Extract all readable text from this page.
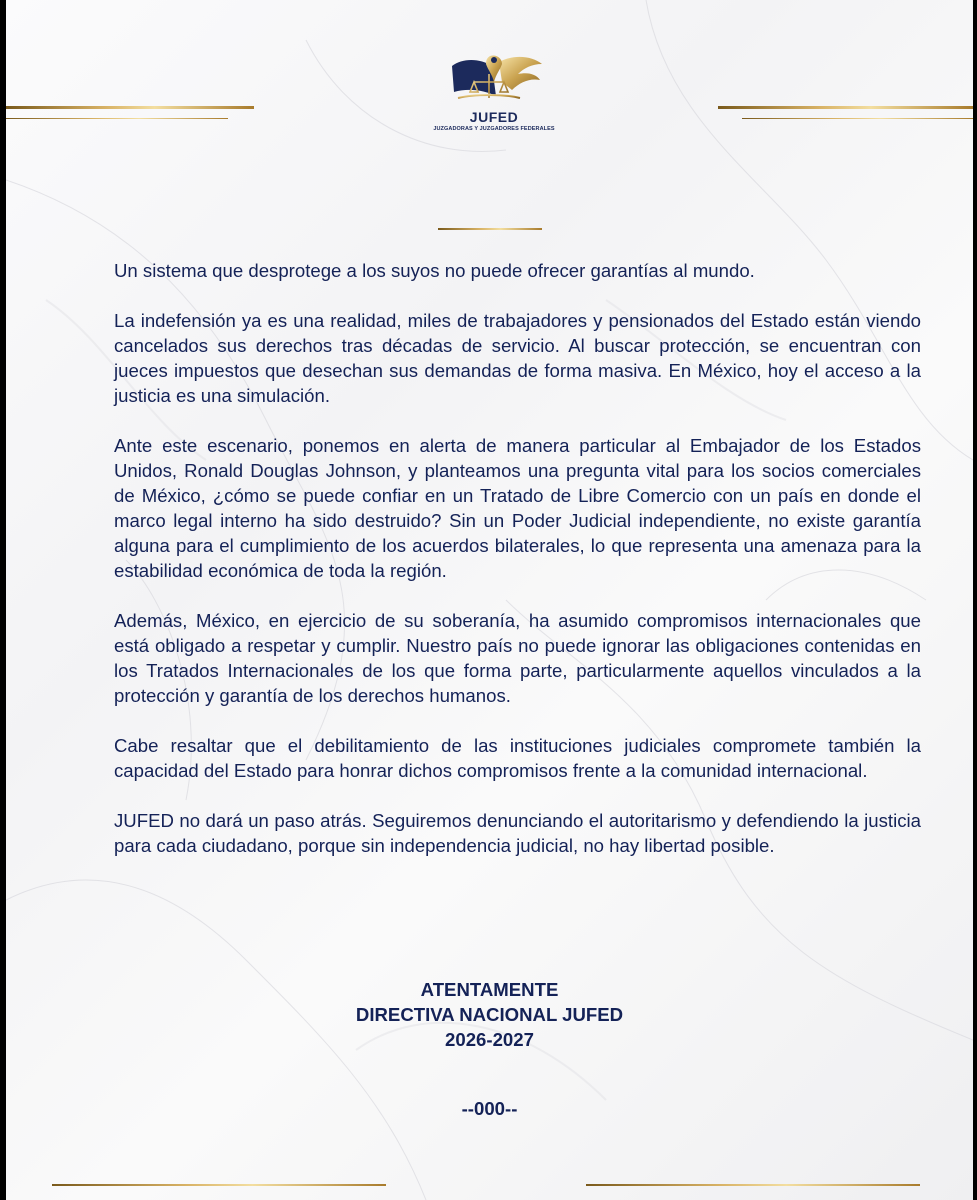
JUFED
JUZGADORAS Y JUZGADORES FEDERALES

Un sistema que desprotege a los suyos no puede ofrecer garantías al mundo.

La indefensión ya es una realidad, miles de trabajadores y pensionados del Estado están viendo cancelados sus derechos tras décadas de servicio. Al buscar protección, se encuentran con jueces impuestos que desechan sus demandas de forma masiva. En México, hoy el acceso a la justicia es una simulación.

Ante este escenario, ponemos en alerta de manera particular al Embajador de los Estados Unidos, Ronald Douglas Johnson, y planteamos una pregunta vital para los socios comerciales de México, ¿cómo se puede confiar en un Tratado de Libre Comercio con un país en donde el marco legal interno ha sido destruido? Sin un Poder Judicial independiente, no existe garantía alguna para el cumplimiento de los acuerdos bilaterales, lo que representa una amenaza para la estabilidad económica de toda la región.

Además, México, en ejercicio de su soberanía, ha asumido compromisos internacionales que está obligado a respetar y cumplir. Nuestro país no puede ignorar las obligaciones contenidas en los Tratados Internacionales de los que forma parte, particularmente aquellos vinculados a la protección y garantía de los derechos humanos.

Cabe resaltar que el debilitamiento de las instituciones judiciales compromete también la capacidad del Estado para honrar dichos compromisos frente a la comunidad internacional.

JUFED no dará un paso atrás. Seguiremos denunciando el autoritarismo y defendiendo la justicia para cada ciudadano, porque sin independencia judicial, no hay libertad posible.

ATENTAMENTE
DIRECTIVA NACIONAL JUFED
2026-2027
--000--
